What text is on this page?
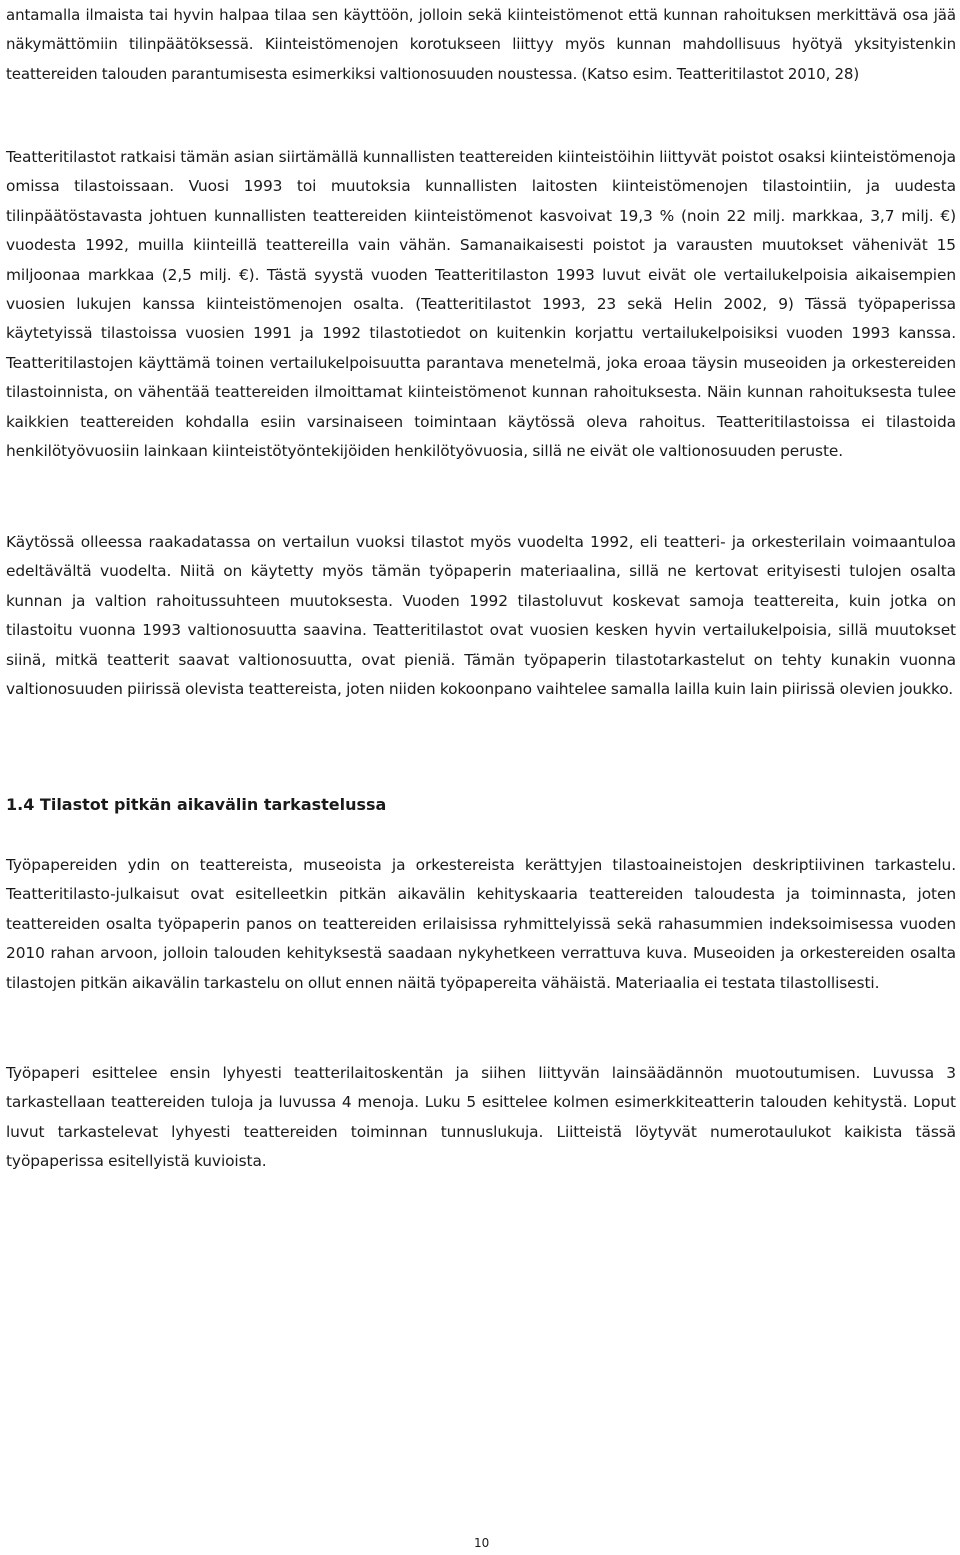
antamalla ilmaista tai hyvin halpaa tilaa sen käyttöön, jolloin sekä kiinteistömenot että kunnan rahoituksen merkittävä osa jää näkymättömiin tilinpäätöksessä. Kiinteistömenojen korotukseen liittyy myös kunnan mahdollisuus hyötyä yksityistenkin teattereiden talouden parantumisesta esimerkiksi valtionosuuden noustessa. (Katso esim. Teatteritilastot 2010, 28)

Teatteritilastot ratkaisi tämän asian siirtämällä kunnallisten teattereiden kiinteistöihin liittyvät poistot osaksi kiinteistömenoja omissa tilastoissaan. Vuosi 1993 toi muutoksia kunnallisten laitosten kiinteistömenojen tilastointiin, ja uudesta tilinpäätöstavasta johtuen kunnallisten teattereiden kiinteistömenot kasvoivat 19,3 % (noin 22 milj. markkaa, 3,7 milj. €) vuodesta 1992, muilla kiinteillä teattereilla vain vähän. Samanaikaisesti poistot ja varausten muutokset vähenivät 15 miljoonaa markkaa (2,5 milj. €). Tästä syystä vuoden Teatteritilaston 1993 luvut eivät ole vertailukelpoisia aikaisempien vuosien lukujen kanssa kiinteistömenojen osalta. (Teatteritilastot 1993, 23 sekä Helin 2002, 9) Tässä työpaperissa käytetyissä tilastoissa vuosien 1991 ja 1992 tilastotiedot on kuitenkin korjattu vertailukelpoisiksi vuoden 1993 kanssa. Teatteritilastojen käyttämä toinen vertailukelpoisuutta parantava menetelmä, joka eroaa täysin museoiden ja orkestereiden tilastoinnista, on vähentää teattereiden ilmoittamat kiinteistömenot kunnan rahoituksesta. Näin kunnan rahoituksesta tulee kaikkien teattereiden kohdalla esiin varsinaiseen toimintaan käytössä oleva rahoitus. Teatteritilastoissa ei tilastoida henkilötyövuosiin lainkaan kiinteistötyöntekijöiden henkilötyövuosia, sillä ne eivät ole valtionosuuden peruste.

Käytössä olleessa raakadatassa on vertailun vuoksi tilastot myös vuodelta 1992, eli teatteri- ja orkesterilain voimaantuloa edeltävältä vuodelta. Niitä on käytetty myös tämän työpaperin materiaalina, sillä ne kertovat erityisesti tulojen osalta kunnan ja valtion rahoitussuhteen muutoksesta. Vuoden 1992 tilastoluvut koskevat samoja teattereita, kuin jotka on tilastoitu vuonna 1993 valtionosuutta saavina. Teatteritilastot ovat vuosien kesken hyvin vertailukelpoisia, sillä muutokset siinä, mitkä teatterit saavat valtionosuutta, ovat pieniä. Tämän työpaperin tilastotarkastelut on tehty kunakin vuonna valtionosuuden piirissä olevista teattereista, joten niiden kokoonpano vaihtelee samalla lailla kuin lain piirissä olevien joukko.

1.4 Tilastot pitkän aikavälin tarkastelussa

Työpapereiden ydin on teattereista, museoista ja orkestereista kerättyjen tilastoaineistojen deskriptiivinen tarkastelu. Teatteritilasto-julkaisut ovat esitelleetkin pitkän aikavälin kehityskaaria teattereiden taloudesta ja toiminnasta, joten teattereiden osalta työpaperin panos on teattereiden erilaisissa ryhmittelyissä sekä rahasummien indeksoimisessa vuoden 2010 rahan arvoon, jolloin talouden kehityksestä saadaan nykyhetkeen verrattuva kuva. Museoiden ja orkestereiden osalta tilastojen pitkän aikavälin tarkastelu on ollut ennen näitä työpapereita vähäistä. Materiaalia ei testata tilastollisesti.

Työpaperi esittelee ensin lyhyesti teatterilaitoskentän ja siihen liittyvän lainsäädännön muotoutumisen. Luvussa 3 tarkastellaan teattereiden tuloja ja luvussa 4 menoja. Luku 5 esittelee kolmen esimerkkiteatterin talouden kehitystä. Loput luvut tarkastelevat lyhyesti teattereiden toiminnan tunnuslukuja. Liitteistä löytyvät numerotaulukot kaikista tässä työpaperissa esitellyistä kuvioista.

10
